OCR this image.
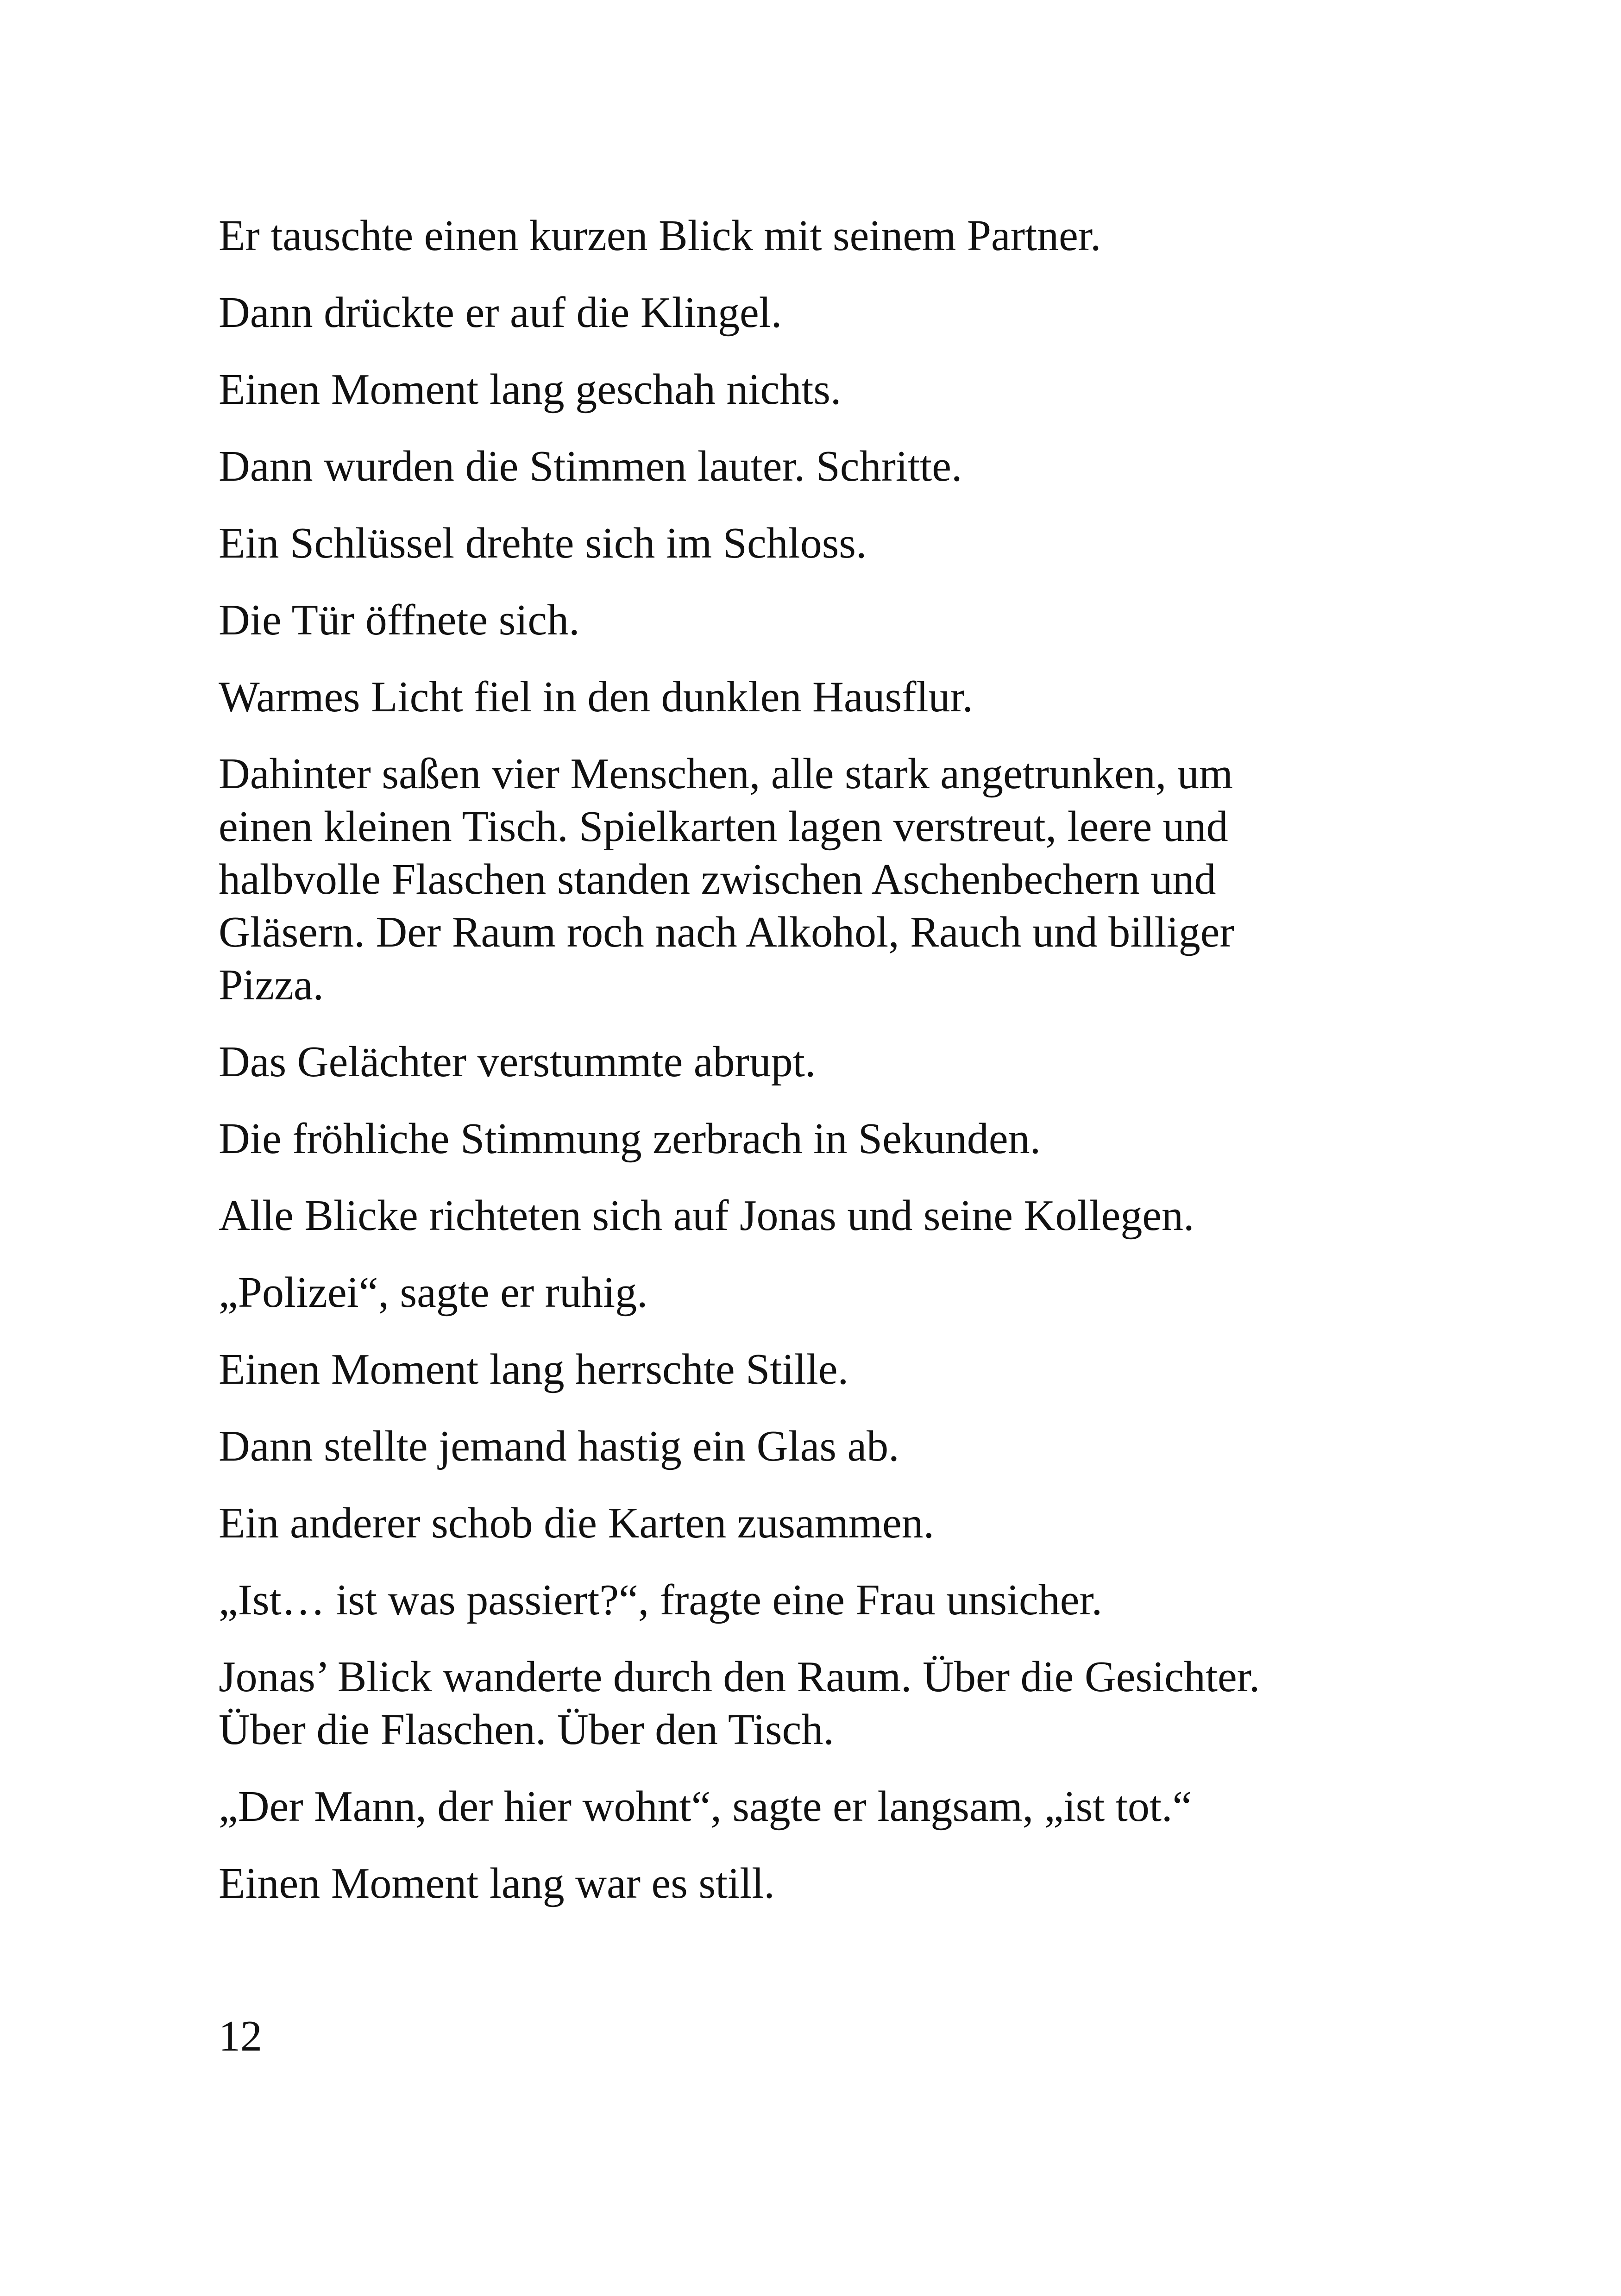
Er tauschte einen kurzen Blick mit seinem Partner.

Dann drückte er auf die Klingel.

Einen Moment lang geschah nichts.

Dann wurden die Stimmen lauter. Schritte.

Ein Schlüssel drehte sich im Schloss.

Die Tür öffnete sich.

Warmes Licht fiel in den dunklen Hausflur.

Dahinter saßen vier Menschen, alle stark angetrunken, um
einen kleinen Tisch. Spielkarten lagen verstreut, leere und
halbvolle Flaschen standen zwischen Aschenbechern und
Gläsern. Der Raum roch nach Alkohol, Rauch und billiger
Pizza.

Das Gelächter verstummte abrupt.

Die fröhliche Stimmung zerbrach in Sekunden.

Alle Blicke richteten sich auf Jonas und seine Kollegen.

„Polizei“, sagte er ruhig.

Einen Moment lang herrschte Stille.

Dann stellte jemand hastig ein Glas ab.

Ein anderer schob die Karten zusammen.

„Ist… ist was passiert?“, fragte eine Frau unsicher.

Jonas’ Blick wanderte durch den Raum. Über die Gesichter.
Über die Flaschen. Über den Tisch.

„Der Mann, der hier wohnt“, sagte er langsam, „ist tot.“

Einen Moment lang war es still.

12
